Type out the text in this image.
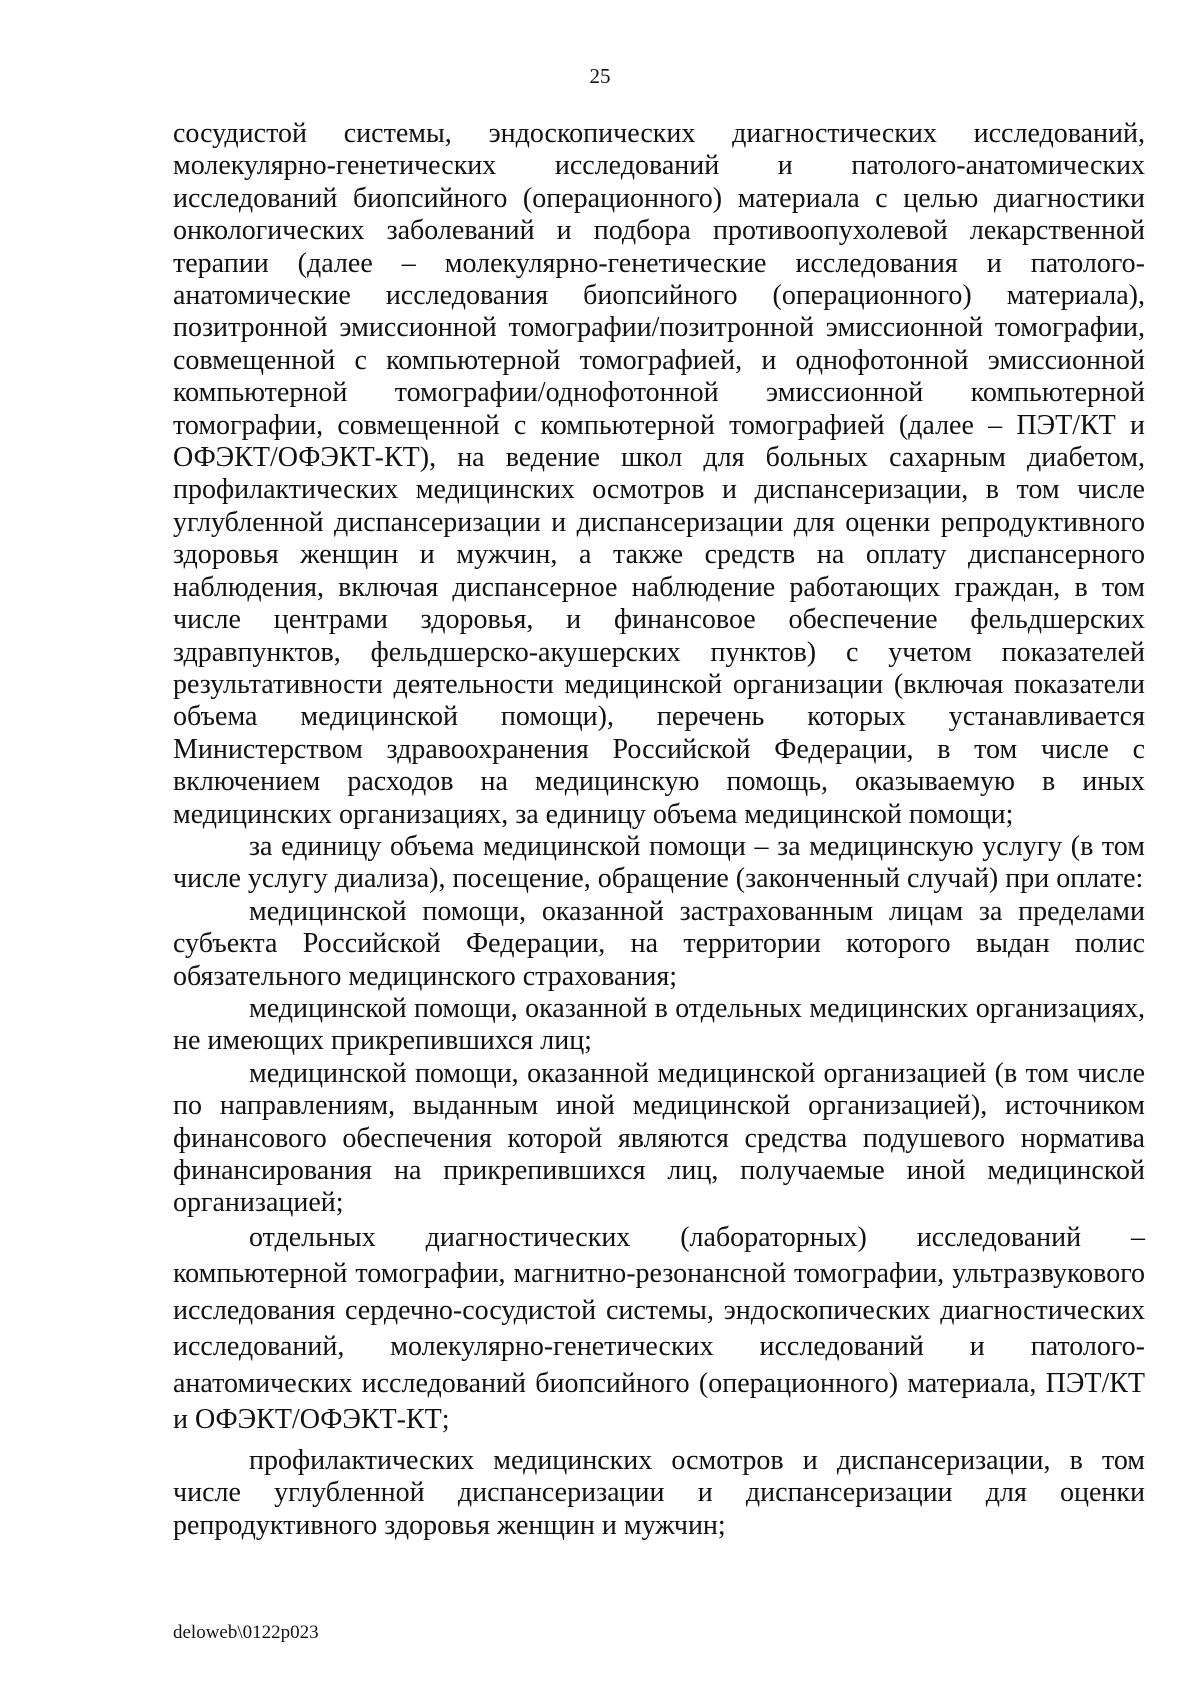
25

сосудистой системы, эндоскопических диагностических исследований, молекулярно-генетических исследований и патолого-анатомических исследований биопсийного (операционного) материала с целью диагностики онкологических заболеваний и подбора противоопухолевой лекарственной терапии (далее – молекулярно-генетические исследования и патолого-анатомические исследования биопсийного (операционного) материала), позитронной эмиссионной томографии/позитронной эмиссионной томографии, совмещенной с компьютерной томографией, и однофотонной эмиссионной компьютерной томографии/однофотонной эмиссионной компьютерной томографии, совмещенной с компьютерной томографией (далее – ПЭТ/КТ и ОФЭКТ/ОФЭКТ-КТ), на ведение школ для больных сахарным диабетом, профилактических медицинских осмотров и диспансеризации, в том числе углубленной диспансеризации и диспансеризации для оценки репродуктивного здоровья женщин и мужчин, а также средств на оплату диспансерного наблюдения, включая диспансерное наблюдение работающих граждан, в том числе центрами здоровья, и финансовое обеспечение фельдшерских здравпунктов, фельдшерско-акушерских пунктов) с учетом показателей результативности деятельности медицинской организации (включая показатели объема медицинской помощи), перечень которых устанавливается Министерством здравоохранения Российской Федерации, в том числе с включением расходов на медицинскую помощь, оказываемую в иных медицинских организациях, за единицу объема медицинской помощи;

за единицу объема медицинской помощи – за медицинскую услугу (в том числе услугу диализа), посещение, обращение (законченный случай) при оплате:

медицинской помощи, оказанной застрахованным лицам за пределами субъекта Российской Федерации, на территории которого выдан полис обязательного медицинского страхования;

медицинской помощи, оказанной в отдельных медицинских организациях, не имеющих прикрепившихся лиц;

медицинской помощи, оказанной медицинской организацией (в том числе по направлениям, выданным иной медицинской организацией), источником финансового обеспечения которой являются средства подушевого норматива финансирования на прикрепившихся лиц, получаемые иной медицинской организацией;

отдельных диагностических (лабораторных) исследований – компьютерной томографии, магнитно-резонансной томографии, ультразвукового исследования сердечно-сосудистой системы, эндоскопических диагностических исследований, молекулярно-генетических исследований и патолого-анатомических исследований биопсийного (операционного) материала, ПЭТ/КТ и ОФЭКТ/ОФЭКТ-КТ;

профилактических медицинских осмотров и диспансеризации, в том числе углубленной диспансеризации и диспансеризации для оценки репродуктивного здоровья женщин и мужчин;

deloweb\0122p023
